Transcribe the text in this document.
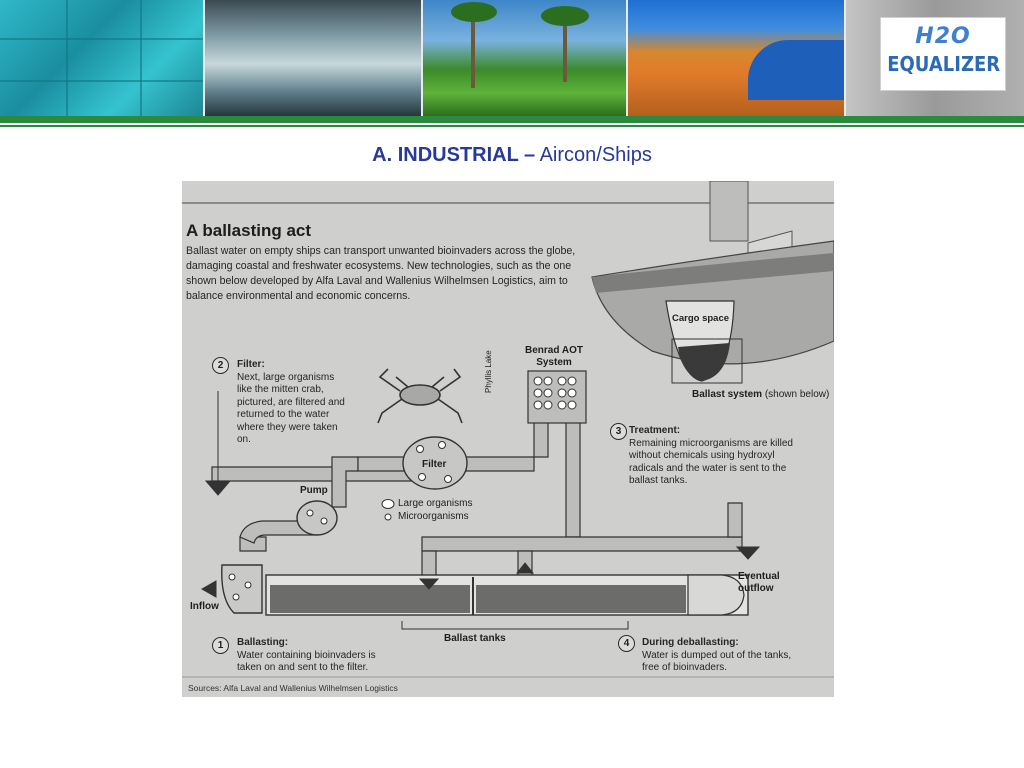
H2O
EQUALIZER
A. INDUSTRIAL – Aircon/Ships
A ballasting act
Ballast water on empty ships can transport unwanted bioinvaders across the globe, damaging coastal and freshwater ecosystems. New technologies, such as the one shown below developed by Alfa Laval and Wallenius Wilhelmsen Logistics, aim to balance environmental and economic concerns.
2	Filter:
Next, large organisms like the mitten crab, pictured, are filtered and returned to the water where they were taken on.
3 Treatment:
Remaining microorganisms are killed without chemicals using hydroxyl radicals and the water is sent to the ballast tanks.
1	Ballasting:
Water containing bioinvaders is taken on and sent to the filter.
4	During deballasting:
Water is dumped out of the tanks, free of bioinvaders.
Benrad AOT System
Phyllis Lake
Filter
Pump
Inflow
Eventual outflow
Ballast tanks
Cargo space
Ballast system (shown below)
Large organisms
Microorganisms
Sources: Alfa Laval and Wallenius Wilhelmsen Logistics
